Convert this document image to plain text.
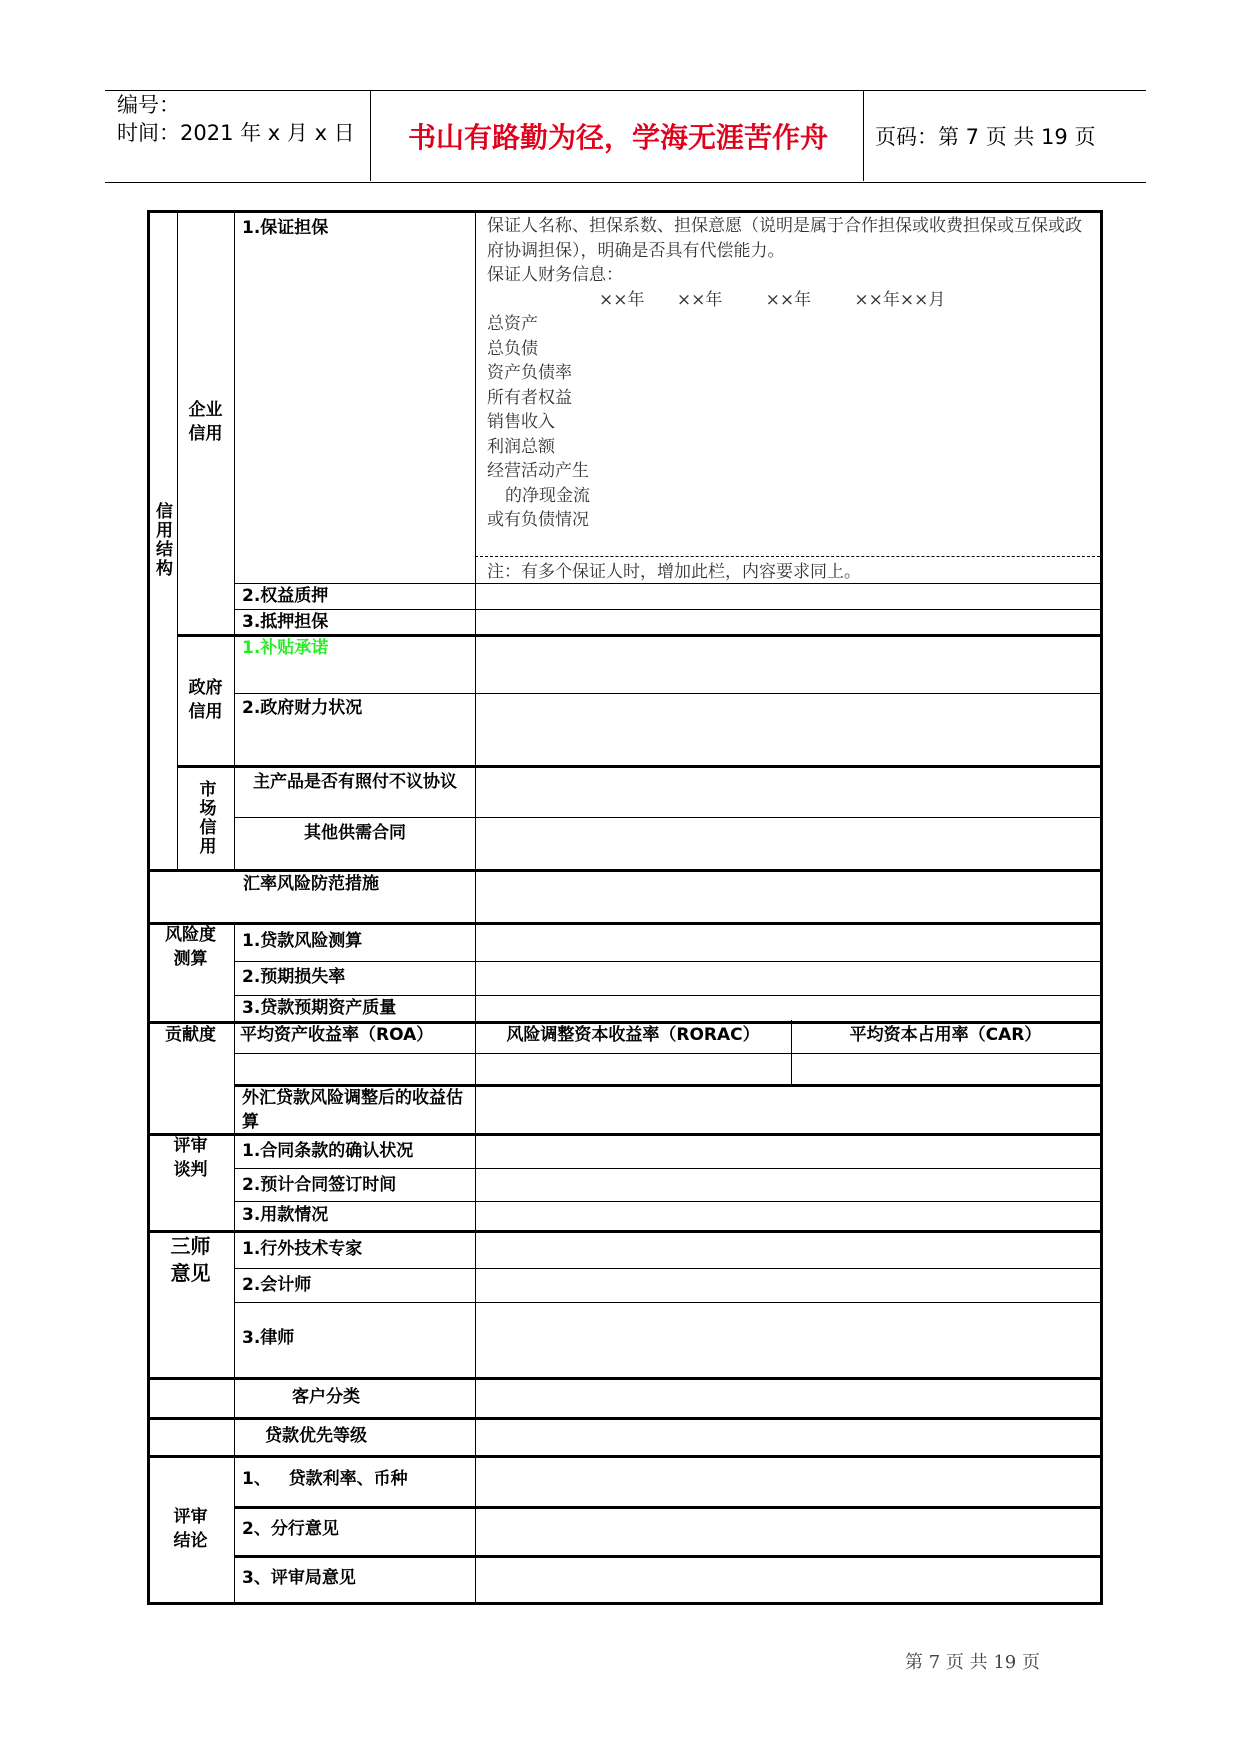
编号：
时间：2021 年 x 月 x 日	书山有路勤为径，学海无涯苦作舟	页码：第 7 页 共 19 页
信用结构
企业信用
1.保证担保	保证人名称、担保系数、担保意愿（说明是属于合作担保或收费担保或互保或政府协调担保），明确是否具有代偿能力。
保证人财务信息：
××年      ××年        ××年        ××年××月
总资产
总负债
资产负债率
所有者权益
销售收入
利润总额
经营活动产生
的净现金流
或有负债情况
注：有多个保证人时，增加此栏，内容要求同上。
2.权益质押
3.抵押担保
政府信用
1.补贴承诺
2.政府财力状况
市场信用	主产品是否有照付不议协议
其他供需合同
汇率风险防范措施
风险度测算
1.贷款风险测算
2.预期损失率
3.贷款预期资产质量
贡献度	平均资产收益率（ROA）	风险调整资本收益率（RORAC）	平均资本占用率（CAR）
外汇贷款风险调整后的收益估算
评审谈判
1.合同条款的确认状况
2.预计合同签订时间
3.用款情况
三师意见
1.行外技术专家
2.会计师
3.律师
客户分类
贷款优先等级
评审结论
1、   贷款利率、币种
2、分行意见
3、评审局意见
第 7 页 共 19 页
